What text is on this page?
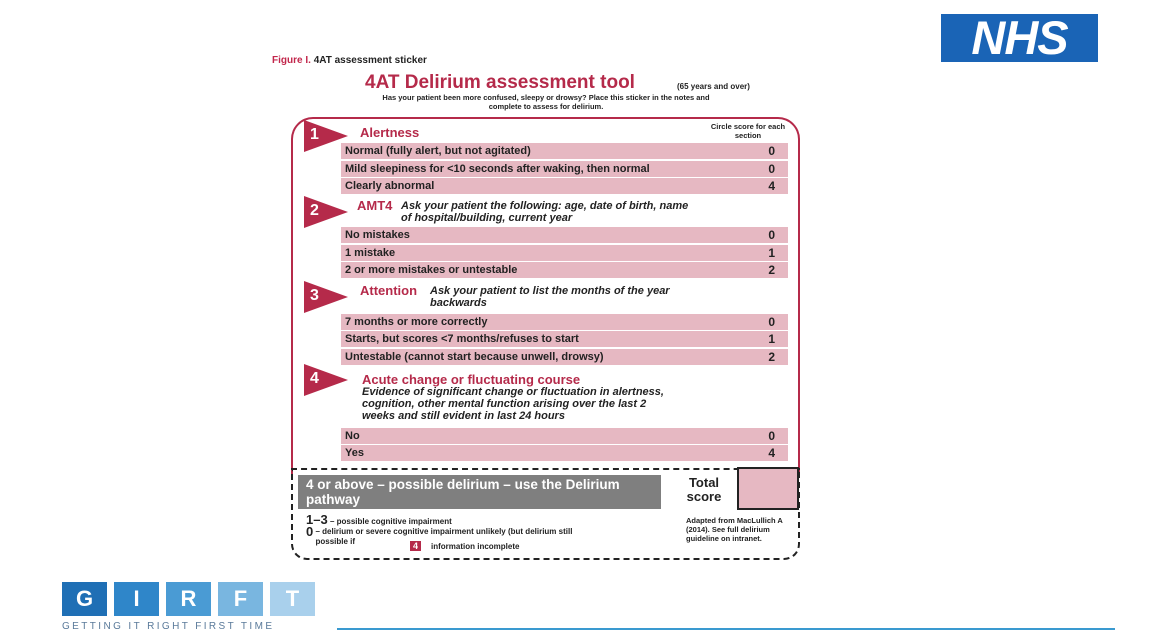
NHS
Figure I. 4AT assessment sticker
4AT Delirium assessment tool	(65 years and over)
Has your patient been more confused, sleepy or drowsy? Place this sticker in the notes and complete to assess for delirium.
Circle score for each section
1	Alertness
Normal (fully alert, but not agitated)	0
Mild sleepiness for <10 seconds after waking, then normal	0
Clearly abnormal	4
2	AMT4 Ask your patient the following: age, date of birth, name of hospital/building, current year
No mistakes	0
1 mistake	1
2 or more mistakes or untestable	2
3	Attention Ask your patient to list the months of the year backwards
7 months or more correctly	0
Starts, but scores <7 months/refuses to start	1
Untestable (cannot start because unwell, drowsy)	2
4	Acute change or fluctuating course
Evidence of significant change or fluctuation in alertness, cognition, other mental function arising over the last 2 weeks and still evident in last 24 hours
No	0
Yes	4
4 or above – possible delirium – use the Delirium pathway
Total score
1–3 – possible cognitive impairment
0 – delirium or severe cognitive impairment unlikely (but delirium still possible if	4	information incomplete
Adapted from MacLullich A (2014). See full delirium guideline on intranet.
G	I	R	F	T
GETTING IT RIGHT FIRST TIME
